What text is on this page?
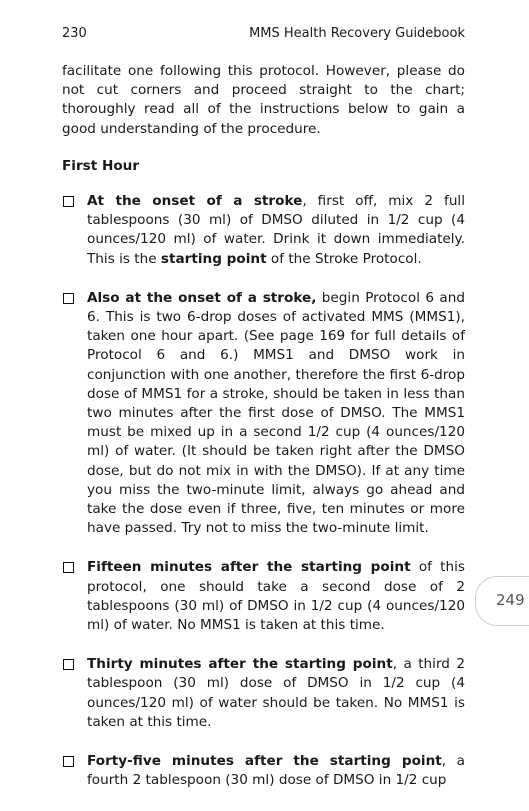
230	MMS Health Recovery Guidebook

facilitate one following this protocol. However, please do not cut corners and proceed straight to the chart; thoroughly read all of the instructions below to gain a good understanding of the procedure.

First Hour
At the onset of a stroke, first off, mix 2 full tablespoons (30 ml) of DMSO diluted in 1/2 cup (4 ounces/120 ml) of water. Drink it down immediately. This is the starting point of the Stroke Protocol.
Also at the onset of a stroke, begin Protocol 6 and 6. This is two 6-drop doses of activated MMS (MMS1), taken one hour apart. (See page 169 for full details of Protocol 6 and 6.) MMS1 and DMSO work in conjunction with one another, therefore the first 6-drop dose of MMS1 for a stroke, should be taken in less than two minutes after the first dose of DMSO. The MMS1 must be mixed up in a second 1/2 cup (4 ounces/120 ml) of water. (It should be taken right after the DMSO dose, but do not mix in with the DMSO). If at any time you miss the two-minute limit, always go ahead and take the dose even if three, five, ten minutes or more have passed. Try not to miss the two-minute limit.
Fifteen minutes after the starting point of this protocol, one should take a second dose of 2 tablespoons (30 ml) of DMSO in 1/2 cup (4 ounces/120 ml) of water. No MMS1 is taken at this time.
Thirty minutes after the starting point, a third 2 tablespoon (30 ml) dose of DMSO in 1/2 cup (4 ounces/120 ml) of water should be taken. No MMS1 is taken at this time.
Forty-five minutes after the starting point, a fourth 2 tablespoon (30 ml) dose of DMSO in 1/2 cup
249
